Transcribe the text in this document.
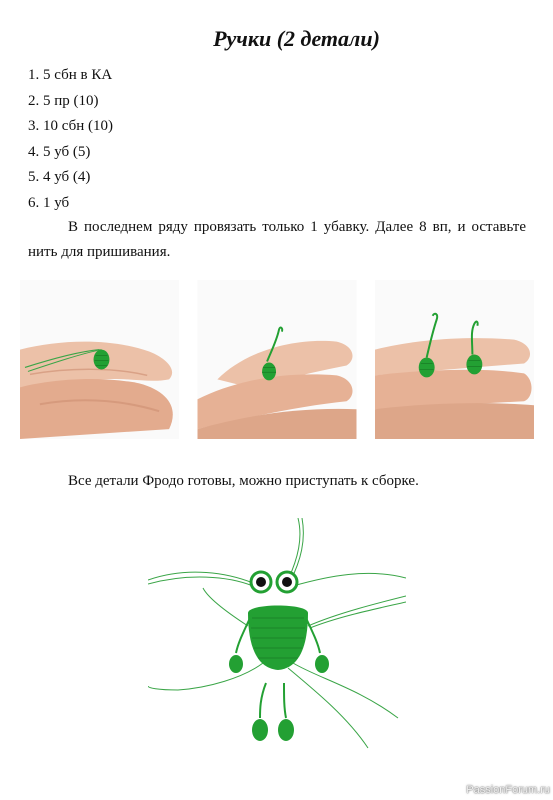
Ручки (2 детали)
1. 5 сбн в КА
2. 5 пр (10)
3. 10 сбн (10)
4. 5 уб (5)
5. 4 уб (4)
6. 1 уб

В последнем ряду провязать только 1 убавку. Далее 8 вп, и оставьте нить для пришивания.

Все детали Фродо готовы, можно приступать к сборке.

PassionForum.ru
